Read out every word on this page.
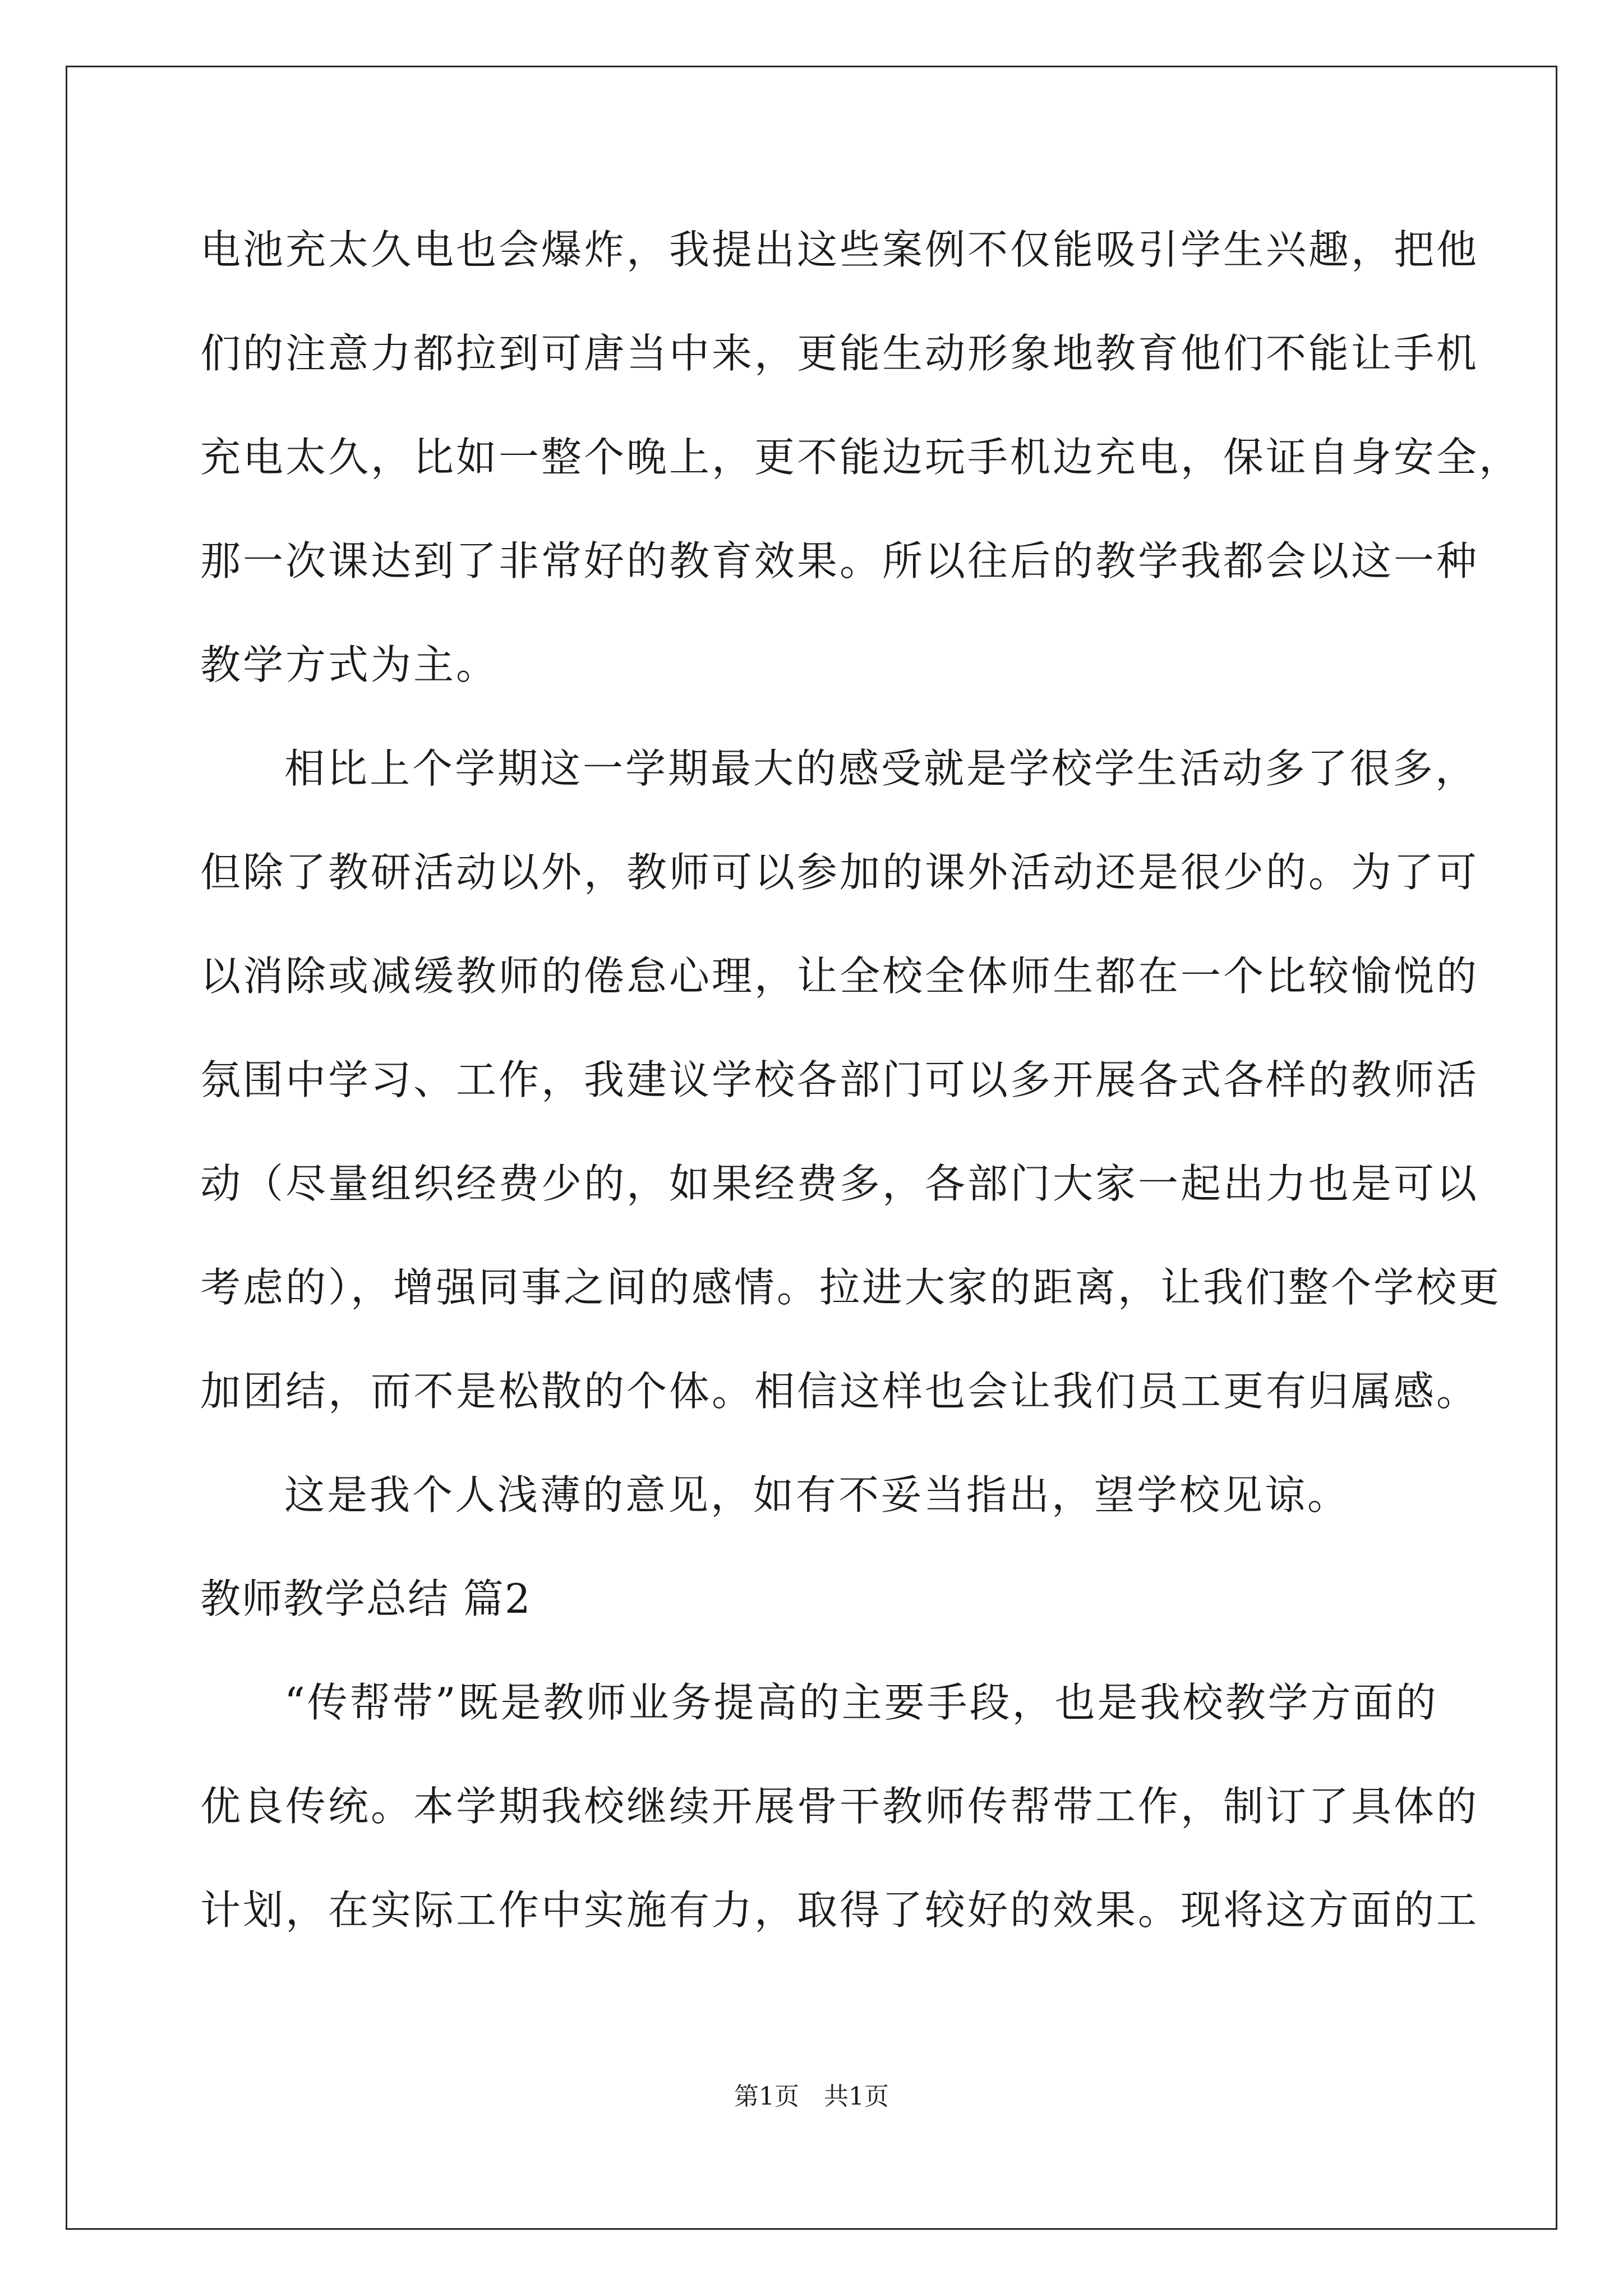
电池充太久电也会爆炸，我提出这些案例不仅能吸引学生兴趣，把他
们的注意力都拉到可唐当中来，更能生动形象地教育他们不能让手机
充电太久，比如一整个晚上，更不能边玩手机边充电，保证自身安全，
那一次课达到了非常好的教育效果。所以往后的教学我都会以这一种
教学方式为主。
相比上个学期这一学期最大的感受就是学校学生活动多了很多，
但除了教研活动以外，教师可以参加的课外活动还是很少的。为了可
以消除或减缓教师的倦怠心理，让全校全体师生都在一个比较愉悦的
氛围中学习、工作，我建议学校各部门可以多开展各式各样的教师活
动（尽量组织经费少的，如果经费多，各部门大家一起出力也是可以
考虑的），增强同事之间的感情。拉进大家的距离，让我们整个学校更
加团结，而不是松散的个体。相信这样也会让我们员工更有归属感。
这是我个人浅薄的意见，如有不妥当指出，望学校见谅。
教师教学总结 篇2
“传帮带”既是教师业务提高的主要手段，也是我校教学方面的
优良传统。本学期我校继续开展骨干教师传帮带工作，制订了具体的
计划，在实际工作中实施有力，取得了较好的效果。现将这方面的工
第1页　共1页
